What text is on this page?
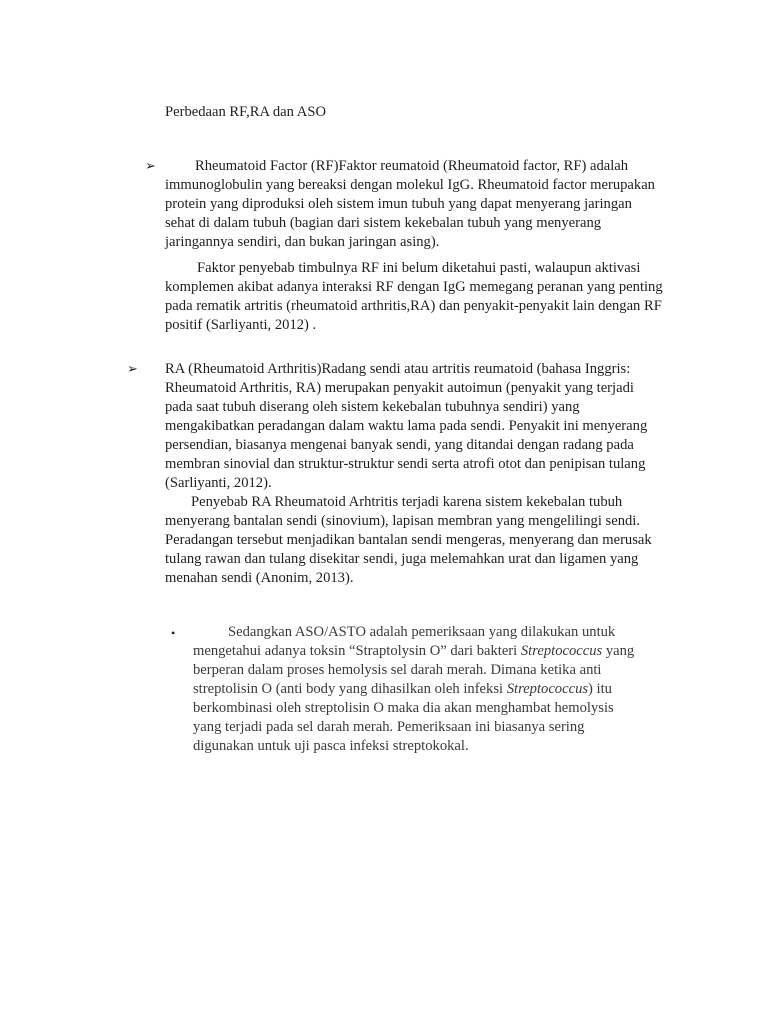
Perbedaan RF,RA dan ASO
➢	Rheumatoid Factor (RF)Faktor reumatoid (Rheumatoid factor, RF) adalah immunoglobulin yang bereaksi dengan molekul IgG. Rheumatoid factor merupakan protein yang diproduksi oleh sistem imun tubuh yang dapat menyerang jaringan sehat di dalam tubuh (bagian dari sistem kekebalan tubuh yang menyerang jaringannya sendiri, dan bukan jaringan asing).

Faktor penyebab timbulnya RF ini belum diketahui pasti, walaupun aktivasi komplemen akibat adanya interaksi RF dengan IgG memegang peranan yang penting pada rematik artritis (rheumatoid arthritis,RA) dan penyakit-penyakit lain dengan RF positif (Sarliyanti, 2012) .

➢ RA (Rheumatoid Arthritis)Radang sendi atau artritis reumatoid (bahasa Inggris: Rheumatoid Arthritis, RA) merupakan penyakit autoimun (penyakit yang terjadi pada saat tubuh diserang oleh sistem kekebalan tubuhnya sendiri) yang mengakibatkan peradangan dalam waktu lama pada sendi. Penyakit ini menyerang persendian, biasanya mengenai banyak sendi, yang ditandai dengan radang pada membran sinovial dan struktur-struktur sendi serta atrofi otot dan penipisan tulang (Sarliyanti, 2012).

Penyebab RA Rheumatoid Arhtritis terjadi karena sistem kekebalan tubuh menyerang bantalan sendi (sinovium), lapisan membran yang mengelilingi sendi. Peradangan tersebut menjadikan bantalan sendi mengeras, menyerang dan merusak tulang rawan dan tulang disekitar sendi, juga melemahkan urat dan ligamen yang menahan sendi (Anonim, 2013).

•	Sedangkan ASO/ASTO adalah pemeriksaan yang dilakukan untuk mengetahui adanya toksin “Straptolysin O” dari bakteri Streptococcus yang berperan dalam proses hemolysis sel darah merah. Dimana ketika anti streptolisin O (anti body yang dihasilkan oleh infeksi Streptococcus) itu berkombinasi oleh streptolisin O maka dia akan menghambat hemolysis yang terjadi pada sel darah merah. Pemeriksaan ini biasanya sering digunakan untuk uji pasca infeksi streptokokal.
